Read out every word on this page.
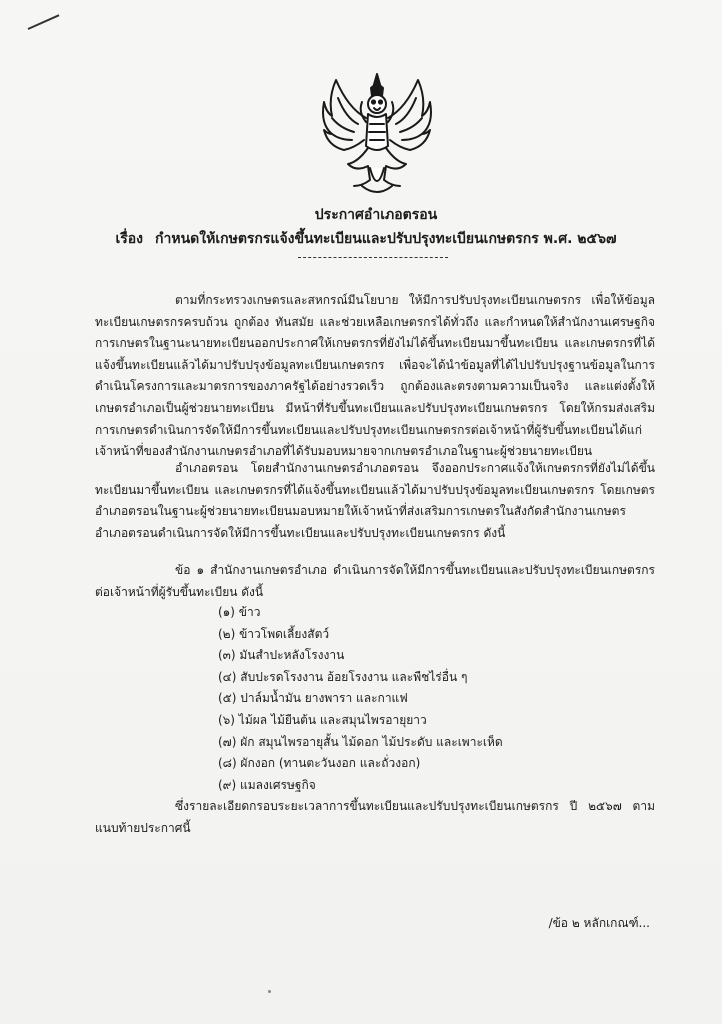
ประกาศอำเภอตรอน
เรื่อง กำหนดให้เกษตรกรแจ้งขึ้นทะเบียนและปรับปรุงทะเบียนเกษตรกร พ.ศ. ๒๕๖๗

ตามที่กระทรวงเกษตรและสหกรณ์มีนโยบาย ให้มีการปรับปรุงทะเบียนเกษตรกร เพื่อให้ข้อมูลทะเบียนเกษตรกรครบถ้วน ถูกต้อง ทันสมัย และช่วยเหลือเกษตรกรได้ทั่วถึง และกำหนดให้สำนักงานเศรษฐกิจการเกษตรในฐานะนายทะเบียนออกประกาศให้เกษตรกรที่ยังไม่ได้ขึ้นทะเบียนมาขึ้นทะเบียน และเกษตรกรที่ได้แจ้งขึ้นทะเบียนแล้วได้มาปรับปรุงข้อมูลทะเบียนเกษตรกร เพื่อจะได้นำข้อมูลที่ได้ไปปรับปรุงฐานข้อมูลในการดำเนินโครงการและมาตรการของภาครัฐได้อย่างรวดเร็ว ถูกต้องและตรงตามความเป็นจริง และแต่งตั้งให้เกษตรอำเภอเป็นผู้ช่วยนายทะเบียน มีหน้าที่รับขึ้นทะเบียนและปรับปรุงทะเบียนเกษตรกร โดยให้กรมส่งเสริมการเกษตรดำเนินการจัดให้มีการขึ้นทะเบียนและปรับปรุงทะเบียนเกษตรกรต่อเจ้าหน้าที่ผู้รับขึ้นทะเบียนได้แก่ เจ้าหน้าที่ของสำนักงานเกษตรอำเภอที่ได้รับมอบหมายจากเกษตรอำเภอในฐานะผู้ช่วยนายทะเบียน

อำเภอตรอน โดยสำนักงานเกษตรอำเภอตรอน จึงออกประกาศแจ้งให้เกษตรกรที่ยังไม่ได้ขึ้นทะเบียนมาขึ้นทะเบียน และเกษตรกรที่ได้แจ้งขึ้นทะเบียนแล้วได้มาปรับปรุงข้อมูลทะเบียนเกษตรกร โดยเกษตรอำเภอตรอนในฐานะผู้ช่วยนายทะเบียนมอบหมายให้เจ้าหน้าที่ส่งเสริมการเกษตรในสังกัดสำนักงานเกษตรอำเภอตรอนดำเนินการจัดให้มีการขึ้นทะเบียนและปรับปรุงทะเบียนเกษตรกร ดังนี้

ข้อ ๑ สำนักงานเกษตรอำเภอ ดำเนินการจัดให้มีการขึ้นทะเบียนและปรับปรุงทะเบียนเกษตรกรต่อเจ้าหน้าที่ผู้รับขึ้นทะเบียน ดังนี้

(๑) ข้าว
(๒) ข้าวโพดเลี้ยงสัตว์
(๓) มันสำปะหลังโรงงาน
(๔) สับปะรดโรงงาน อ้อยโรงงาน และพืชไร่อื่น ๆ
(๕) ปาล์มน้ำมัน ยางพารา และกาแฟ
(๖) ไม้ผล ไม้ยืนต้น และสมุนไพรอายุยาว
(๗) ผัก สมุนไพรอายุสั้น ไม้ดอก ไม้ประดับ และเพาะเห็ด
(๘) ผักงอก (ทานตะวันงอก และถั่วงอก)
(๙) แมลงเศรษฐกิจ

ซึ่งรายละเอียดกรอบระยะเวลาการขึ้นทะเบียนและปรับปรุงทะเบียนเกษตรกร ปี ๒๕๖๗ ตามแนบท้ายประกาศนี้

/ข้อ ๒ หลักเกณฑ์...
